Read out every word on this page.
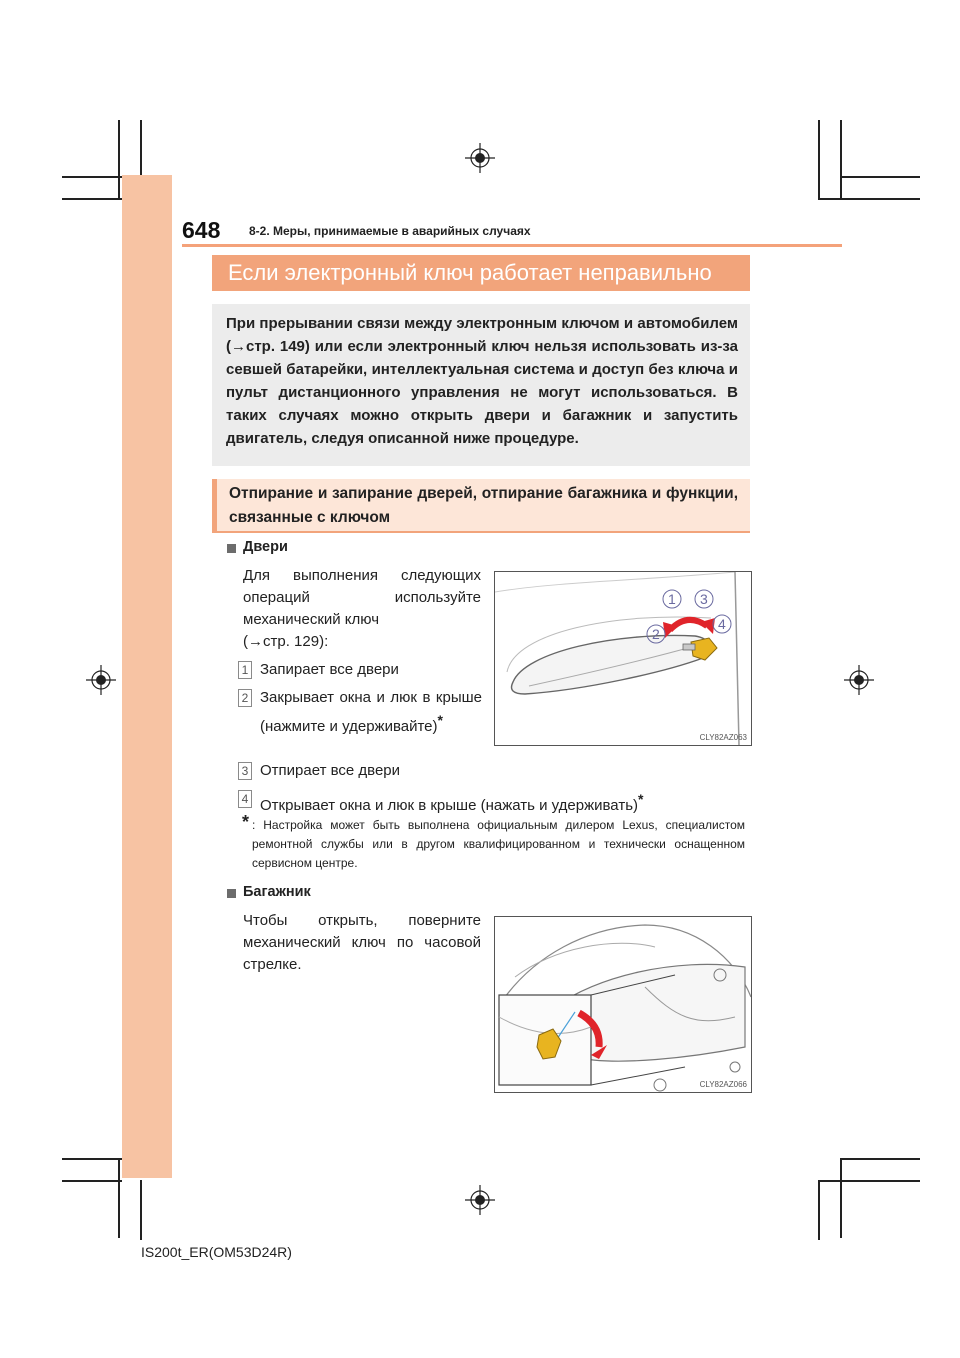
648 8-2. Меры, принимаемые в аварийных случаях
Если электронный ключ работает неправильно
При прерывании связи между электронным ключом и автомобилем (→стр. 149) или если электронный ключ нельзя использовать из-за севшей батарейки, интеллектуальная система и доступ без ключа и пульт дистанционного управления не могут использоваться. В таких случаях можно открыть двери и багажник и запустить двигатель, следуя описанной ниже процедуре.
Отпирание и запирание дверей, отпирание багажника и функции, связанные с ключом
Двери
Для выполнения следующих операций используйте механический ключ
(→стр. 129):
1 Запирает все двери
2 Закрывает окна и люк в крыше (нажмите и удерживайте)*
3 Отпирает все двери
4 Открывает окна и люк в крыше (нажать и удерживать)*
1 3
2
4
CLY82AZ063
* : Настройка может быть выполнена официальным дилером Lexus, специалистом ремонтной службы или в другом квалифицированном и технически оснащенном сервисном центре.
Багажник
Чтобы открыть, поверните механический ключ по часовой стрелке.
CLY82AZ066
IS200t_ER(OM53D24R)
